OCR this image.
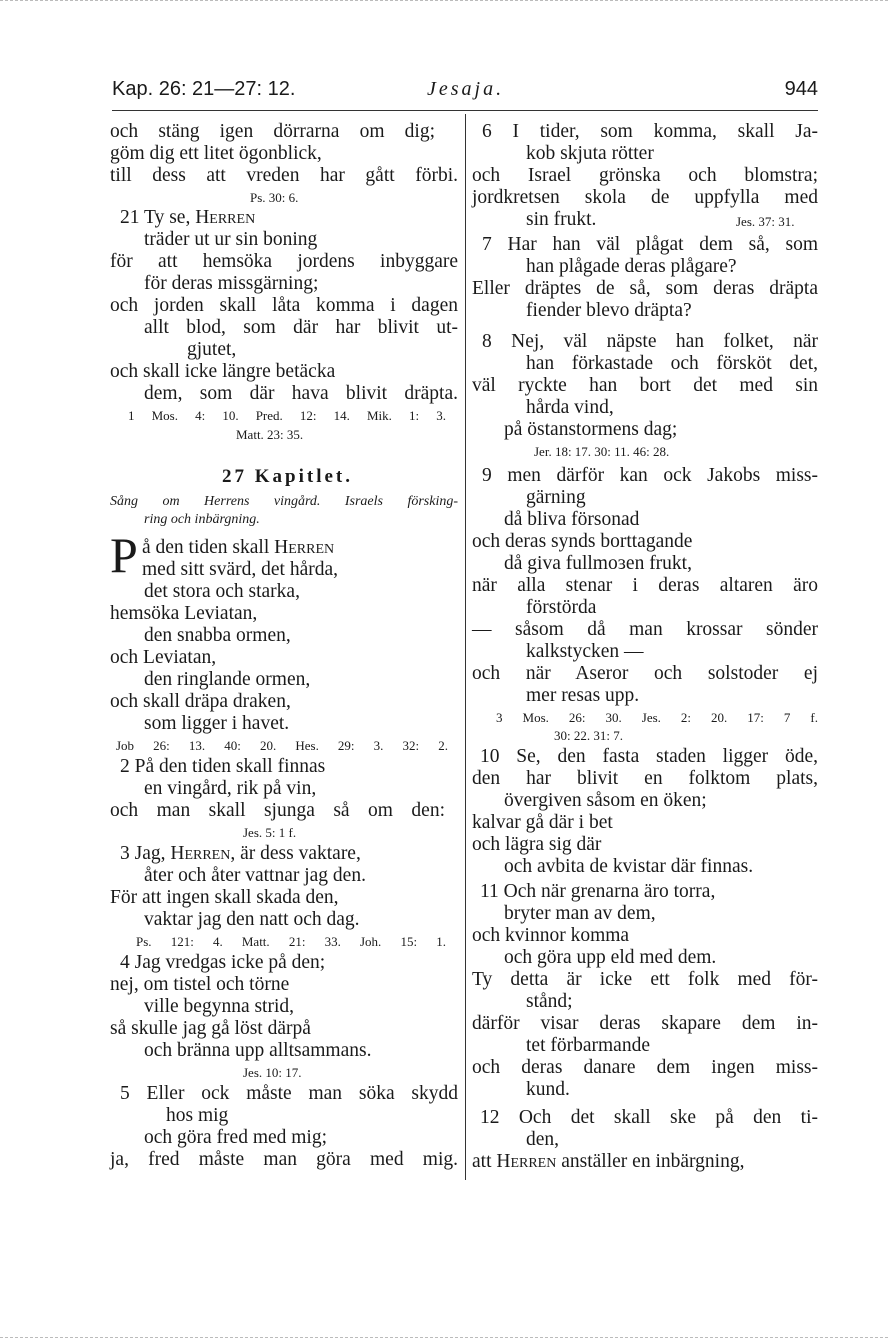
Kap. 26: 21—27: 12.	Jesaja.	944
och stäng igen dörrarna om dig;
göm dig ett litet ögonblick,
till dess att vreden har gått förbi.
Ps. 30: 6.
21 Ty se, Herren
träder ut ur sin boning
för att hemsöka jordens inbyggare
för deras missgärning;
och jorden skall låta komma i dagen
allt blod, som där har blivit ut-
gjutet,
och skall icke längre betäcka
dem, som där hava blivit dräpta.
1 Mos. 4: 10. Pred. 12: 14. Mik. 1: 3.
Matt. 23: 35.
27 Kapitlet.
Sång om Herrens vingård. Israels försking-
ring och inbärgning.
P å den tiden skall Herren
med sitt svärd, det hårda,
det stora och starka,
hemsöka Leviatan,
den snabba ormen,
och Leviatan,
den ringlande ormen,
och skall dräpa draken,
som ligger i havet.
Job 26: 13. 40: 20. Hes. 29: 3. 32: 2.
2 På den tiden skall finnas
en vingård, rik på vin,
och man skall sjunga så om den:
Jes. 5: 1 f.
3 Jag, Herren, är dess vaktare,
åter och åter vattnar jag den.
För att ingen skall skada den,
vaktar jag den natt och dag.
Ps. 121: 4. Matt. 21: 33. Joh. 15: 1.
4 Jag vredgas icke på den;
nej, om tistel och törne
ville begynna strid,
så skulle jag gå löst därpå
och bränna upp alltsammans.
Jes. 10: 17.
5 Eller ock måste man söka skydd
hos mig
och göra fred med mig;
ja, fred måste man göra med mig.
6 I tider, som komma, skall Ja-
kob skjuta rötter
och Israel grönska och blomstra;
jordkretsen skola de uppfylla med
sin frukt.	Jes. 37: 31.
7 Har han väl plågat dem så, som
han plågade deras plågare?
Eller dräptes de så, som deras dräpta
fiender blevo dräpta?
8 Nej, väl näpste han folket, när
han förkastade och försköt det,
väl ryckte han bort det med sin
hårda vind,
på östanstormens dag;
Jer. 18: 17. 30: 11. 46: 28.
9 men därför kan ock Jakobs miss-
gärning
då bliva försonad
och deras synds borttagande
då giva fullmoɜen frukt,
när alla stenar i deras altaren äro
förstörda
— såsom då man krossar sönder
kalkstycken —
och när Aseror och solstoder ej
mer resas upp.
3 Mos. 26: 30. Jes. 2: 20. 17: 7 f.
30: 22. 31: 7.
10 Se, den fasta staden ligger öde,
den har blivit en folktom plats,
övergiven såsom en öken;
kalvar gå där i bet
och lägra sig där
och avbita de kvistar där finnas.
11 Och när grenarna äro torra,
bryter man av dem,
och kvinnor komma
och göra upp eld med dem.
Ty detta är icke ett folk med för-
stånd;
därför visar deras skapare dem in-
tet förbarmande
och deras danare dem ingen miss-
kund.
12 Och det skall ske på den ti-
den,
att Herren anställer en inbärgning,
